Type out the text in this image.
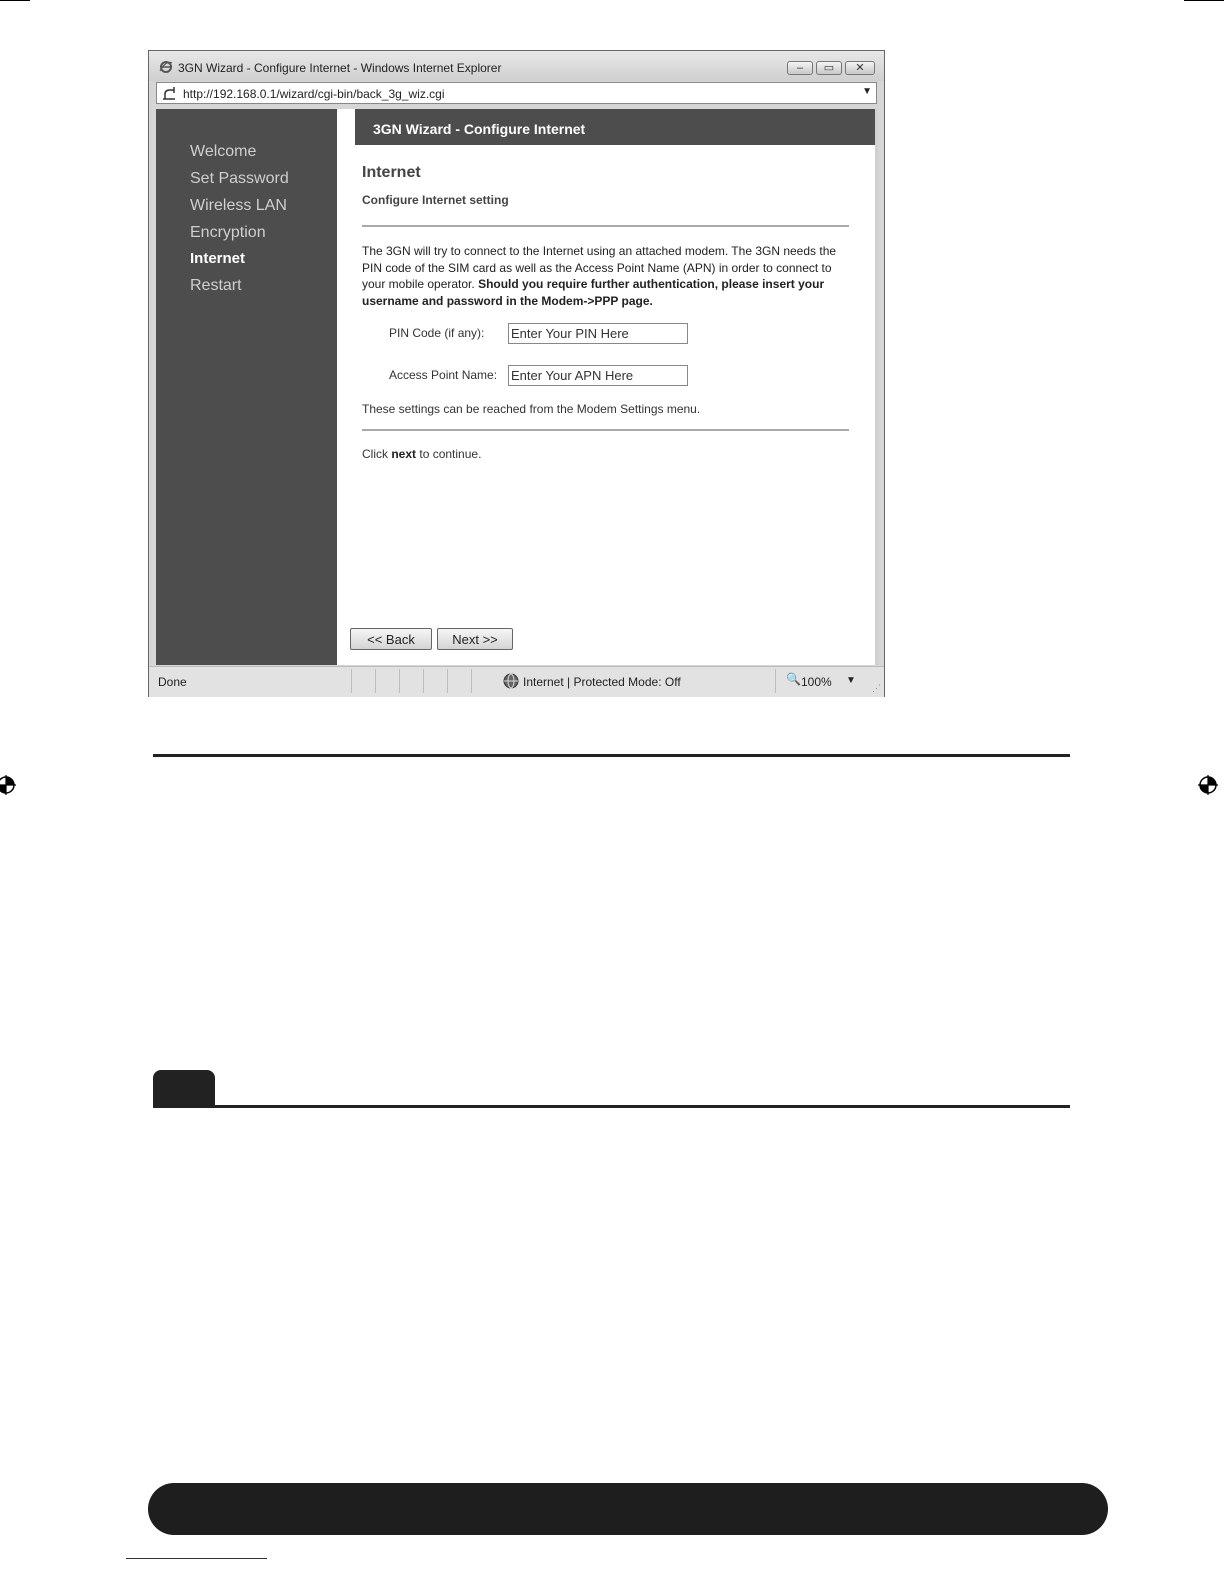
3GN Wizard - Configure Internet - Windows Internet Explorer	–	▭	✕
http://192.168.0.1/wizard/cgi-bin/back_3g_wiz.cgi	▼
Welcome
Set Password
Wireless LAN
Encryption
Internet
Restart
3GN Wizard - Configure Internet
Internet
Configure Internet setting
The 3GN will try to connect to the Internet using an attached modem. The 3GN needs the PIN code of the SIM card as well as the Access Point Name (APN) in order to connect to your mobile operator. Should you require further authentication, please insert your username and password in the Modem->PPP page.
PIN Code (if any):
Enter Your PIN Here
Access Point Name:
Enter Your APN Here
These settings can be reached from the Modem Settings menu.
Click next to continue.
<< Back	Next >>
Done	Internet | Protected Mode: Off	🔍 100% ▼
⋰
